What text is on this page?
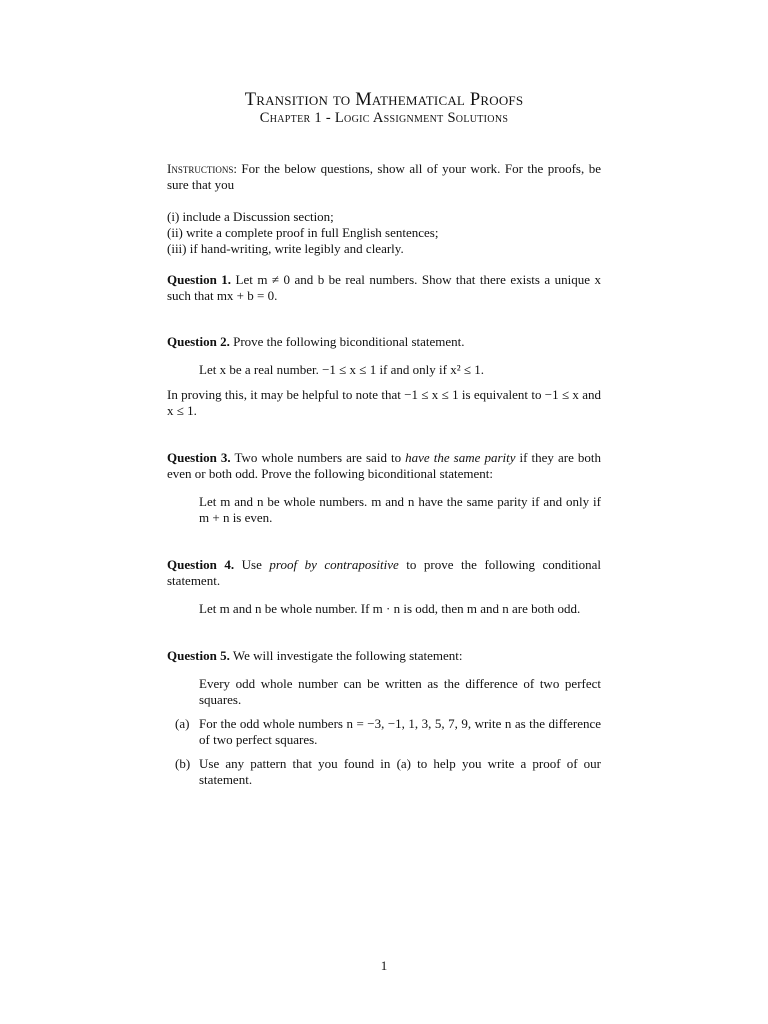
Transition to Mathematical Proofs
Chapter 1 - Logic Assignment Solutions

Instructions: For the below questions, show all of your work. For the proofs, be sure that you

(i) include a Discussion section;

(ii) write a complete proof in full English sentences;

(iii) if hand-writing, write legibly and clearly.

Question 1. Let m ≠ 0 and b be real numbers. Show that there exists a unique x such that mx + b = 0.

Question 2. Prove the following biconditional statement.

Let x be a real number. −1 ≤ x ≤ 1 if and only if x² ≤ 1.

In proving this, it may be helpful to note that −1 ≤ x ≤ 1 is equivalent to −1 ≤ x and x ≤ 1.

Question 3. Two whole numbers are said to have the same parity if they are both even or both odd. Prove the following biconditional statement:

Let m and n be whole numbers. m and n have the same parity if and only if m + n is even.

Question 4. Use proof by contrapositive to prove the following conditional statement.

Let m and n be whole number. If m · n is odd, then m and n are both odd.

Question 5. We will investigate the following statement:

Every odd whole number can be written as the difference of two perfect squares.

(a) For the odd whole numbers n = −3, −1, 1, 3, 5, 7, 9, write n as the difference of two perfect squares.
(b) Use any pattern that you found in (a) to help you write a proof of our statement.
1
